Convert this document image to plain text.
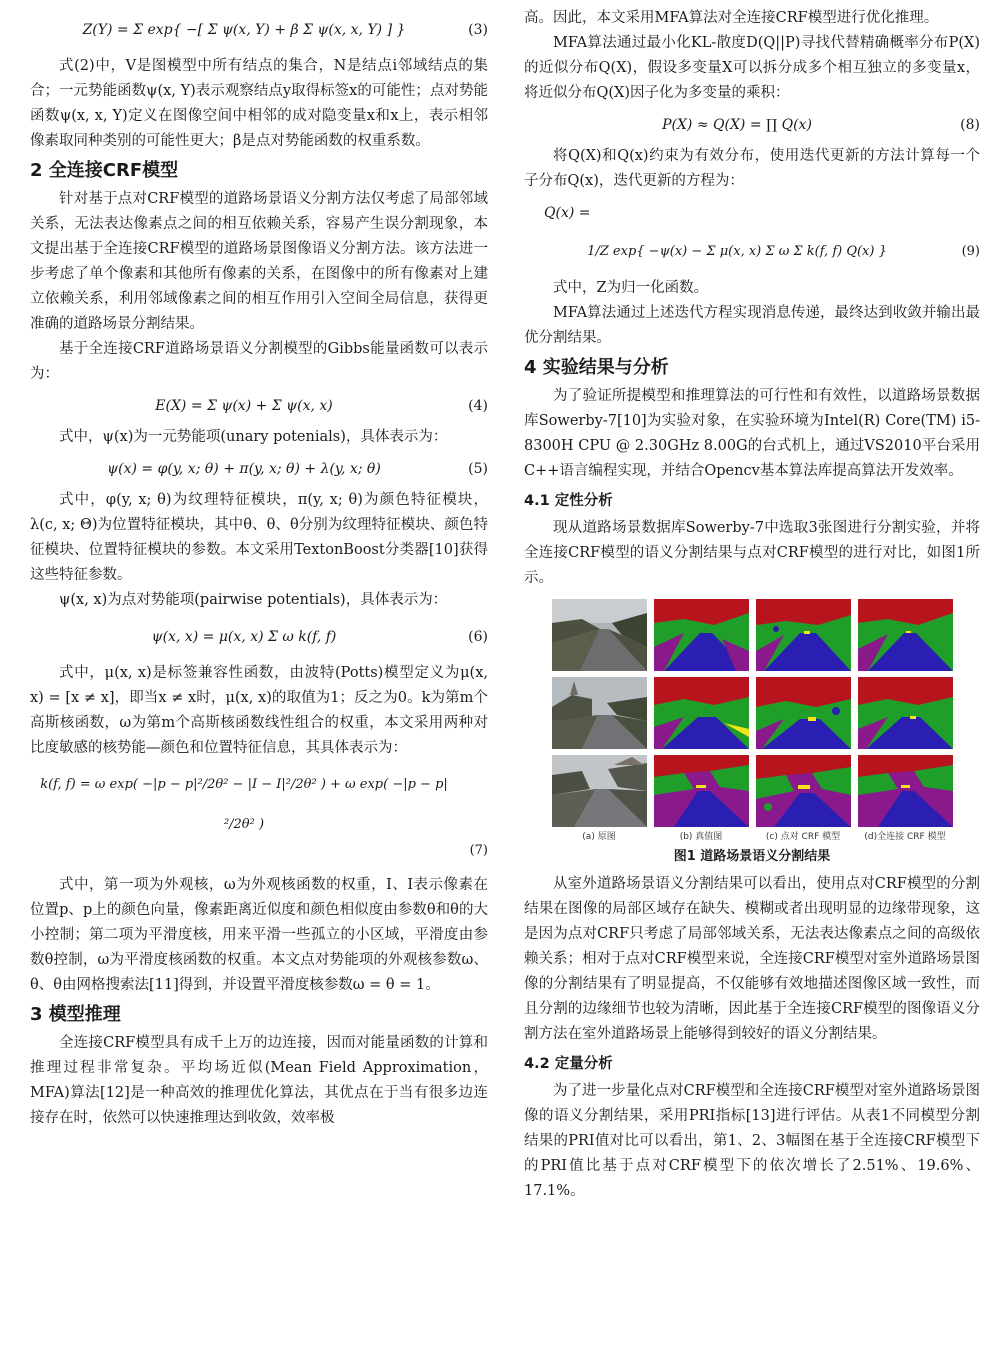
Z(Y) = Σ exp{ −[ Σ ψ(x, Y) + β Σ ψ(x, x, Y) ] }	(3)

式(2)中，V是图模型中所有结点的集合，N是结点i邻域结点的集合；一元势能函数ψ(x, Y)表示观察结点y取得标签x的可能性；点对势能函数ψ(x, x, Y)定义在图像空间中相邻的成对隐变量x和x上，表示相邻像素取同种类别的可能性更大；β是点对势能函数的权重系数。

2 全连接CRF模型

针对基于点对CRF模型的道路场景语义分割方法仅考虑了局部邻域关系，无法表达像素点之间的相互依赖关系，容易产生误分割现象，本文提出基于全连接CRF模型的道路场景图像语义分割方法。该方法进一步考虑了单个像素和其他所有像素的关系，在图像中的所有像素对上建立依赖关系，利用邻域像素之间的相互作用引入空间全局信息，获得更准确的道路场景分割结果。

基于全连接CRF道路场景语义分割模型的Gibbs能量函数可以表示为：

E(X) = Σ ψ(x) + Σ ψ(x, x)	(4)

式中，ψ(x)为一元势能项(unary potenials)，具体表示为：

ψ(x) = φ(y, x; θ) + π(y, x; θ) + λ(y, x; θ)	(5)

式中，φ(y, x; θ)为纹理特征模块，π(y, x; θ)为颜色特征模块，λ(c, x; Θ)为位置特征模块，其中θ、θ、θ分别为纹理特征模块、颜色特征模块、位置特征模块的参数。本文采用TextonBoost分类器[10]获得这些特征参数。

ψ(x, x)为点对势能项(pairwise potentials)，具体表示为：

ψ(x, x) = μ(x, x) Σ ω k(f, f)	(6)

式中，μ(x, x)是标签兼容性函数，由波特(Potts)模型定义为μ(x, x) = [x ≠ x]，即当x ≠ x时，μ(x, x)的取值为1；反之为0。k为第m个高斯核函数，ω为第m个高斯核函数线性组合的权重，本文采用两种对比度敏感的核势能—颜色和位置特征信息，其具体表示为：

k(f, f) = ω exp( −|p − p|²/2θ² − |I − I|²/2θ² ) + ω exp( −|p − p|²/2θ² )
(7)

式中，第一项为外观核，ω为外观核函数的权重，I、I表示像素在位置p、p上的颜色向量，像素距离近似度和颜色相似度由参数θ和θ的大小控制；第二项为平滑度核，用来平滑一些孤立的小区域，平滑度由参数θ控制，ω为平滑度核函数的权重。本文点对势能项的外观核参数ω、θ、θ由网格搜索法[11]得到，并设置平滑度核参数ω = θ = 1。

3 模型推理

全连接CRF模型具有成千上万的边连接，因而对能量函数的计算和推理过程非常复杂。平均场近似(Mean Field Approximation，MFA)算法[12]是一种高效的推理优化算法，其优点在于当有很多边连接存在时，依然可以快速推理达到收敛，效率极

高。因此，本文采用MFA算法对全连接CRF模型进行优化推理。

MFA算法通过最小化KL-散度D(Q||P)寻找代替精确概率分布P(X)的近似分布Q(X)，假设多变量X可以拆分成多个相互独立的多变量x，将近似分布Q(X)因子化为多变量的乘积：

P(X) ≈ Q(X) = ∏ Q(x)	(8)

将Q(X)和Q(x)约束为有效分布，使用迭代更新的方法计算每一个子分布Q(x)，迭代更新的方程为：

Q(x) =
1/Z exp{ −ψ(x) − Σ μ(x, x) Σ ω Σ k(f, f) Q(x) }	(9)

式中，Z为归一化函数。

MFA算法通过上述迭代方程实现消息传递，最终达到收敛并输出最优分割结果。

4 实验结果与分析

为了验证所提模型和推理算法的可行性和有效性，以道路场景数据库Sowerby-7[10]为实验对象，在实验环境为Intel(R) Core(TM) i5-8300H CPU @ 2.30GHz 8.00G的台式机上，通过VS2010平台采用C++语言编程实现，并结合Opencv基本算法库提高算法开发效率。

4.1 定性分析

现从道路场景数据库Sowerby-7中选取3张图进行分割实验，并将全连接CRF模型的语义分割结果与点对CRF模型的进行对比，如图1所示。

(a) 原图	(b) 真值图	(c) 点对 CRF 模型	(d)全连接 CRF 模型
图1 道路场景语义分割结果

从室外道路场景语义分割结果可以看出，使用点对CRF模型的分割结果在图像的局部区域存在缺失、模糊或者出现明显的边缘带现象，这是因为点对CRF只考虑了局部邻域关系，无法表达像素点之间的高级依赖关系；相对于点对CRF模型来说，全连接CRF模型对室外道路场景图像的分割结果有了明显提高，不仅能够有效地描述图像区域一致性，而且分割的边缘细节也较为清晰，因此基于全连接CRF模型的图像语义分割方法在室外道路场景上能够得到较好的语义分割结果。

4.2 定量分析

为了进一步量化点对CRF模型和全连接CRF模型对室外道路场景图像的语义分割结果，采用PRI指标[13]进行评估。从表1不同模型分割结果的PRI值对比可以看出，第1、2、3幅图在基于全连接CRF模型下的PRI值比基于点对CRF模型下的依次增长了2.51%、19.6%、17.1%。
